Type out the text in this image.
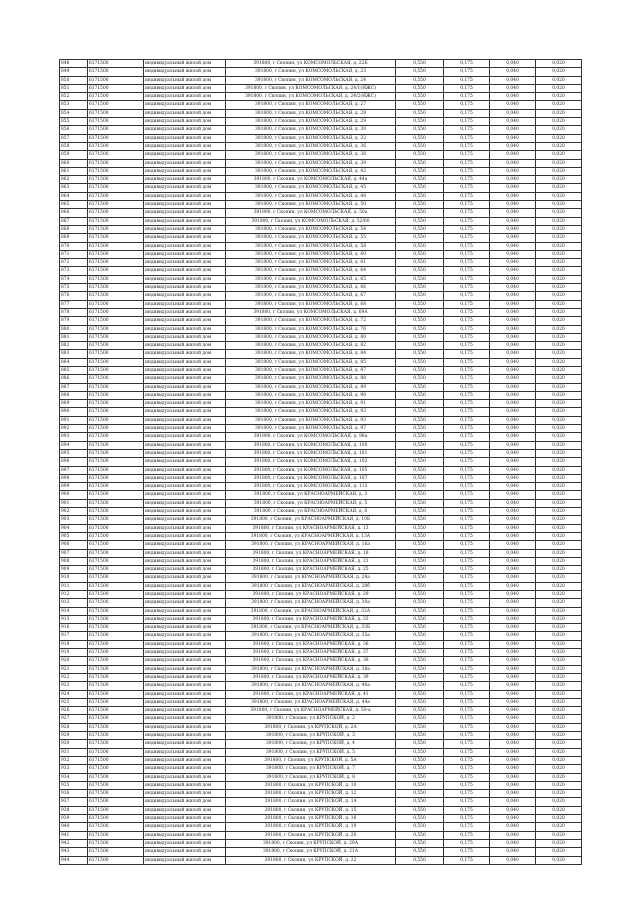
848	6171500	индивидуальный жилой дом	391800, г Скопин, ул КОМСОМОЛЬСКАЯ, д. 22Б	0,550	0,175	0,040	0,020
849	6171500	индивидуальный жилой дом	391800, г Скопин, ул КОМСОМОЛЬСКАЯ, д. 23	0,550	0,175	0,040	0,020
850	6171500	индивидуальный жилой дом	391800, г Скопин, ул КОМСОМОЛЬСКАЯ, д. 24	0,550	0,175	0,040	0,020
851	6171500	индивидуальный жилой дом	391800, г Скопин, ул КОМСОМОЛЬСКАЯ, д. 24/1(ИЖС)	0,550	0,175	0,040	0,020
852	6171500	индивидуальный жилой дом	391800, г Скопин, ул КОМСОМОЛЬСКАЯ, д. 24/2(ИЖС)	0,550	0,175	0,040	0,020
853	6171500	индивидуальный жилой дом	391800, г Скопин, ул КОМСОМОЛЬСКАЯ, д. 27	0,550	0,175	0,040	0,020
854	6171500	индивидуальный жилой дом	391800, г Скопин, ул КОМСОМОЛЬСКАЯ, д. 28	0,550	0,175	0,040	0,020
855	6171500	индивидуальный жилой дом	391800, г Скопин, ул КОМСОМОЛЬСКАЯ, д. 29	0,550	0,175	0,040	0,020
856	6171500	индивидуальный жилой дом	391800, г Скопин, ул КОМСОМОЛЬСКАЯ, д. 30	0,550	0,175	0,040	0,020
857	6171500	индивидуальный жилой дом	391800, г Скопин, ул КОМСОМОЛЬСКАЯ, д. 32	0,550	0,175	0,040	0,020
858	6171500	индивидуальный жилой дом	391800, г Скопин, ул КОМСОМОЛЬСКАЯ, д. 36	0,550	0,175	0,040	0,020
859	6171500	индивидуальный жилой дом	391800, г Скопин, ул КОМСОМОЛЬСКАЯ, д. 38	0,550	0,175	0,040	0,020
860	6171500	индивидуальный жилой дом	391800, г Скопин, ул КОМСОМОЛЬСКАЯ, д. 39	0,550	0,175	0,040	0,020
861	6171500	индивидуальный жилой дом	391800, г Скопин, ул КОМСОМОЛЬСКАЯ, д. 42	0,550	0,175	0,040	0,020
862	6171500	индивидуальный жилой дом	391800, г Скопин, ул КОМСОМОЛЬСКАЯ, д. 44а	0,550	0,175	0,040	0,020
863	6171500	индивидуальный жилой дом	391800, г Скопин, ул КОМСОМОЛЬСКАЯ, д. 45	0,550	0,175	0,040	0,020
864	6171500	индивидуальный жилой дом	391800, г Скопин, ул КОМСОМОЛЬСКАЯ, д. 48	0,550	0,175	0,040	0,020
865	6171500	индивидуальный жилой дом	391800, г Скопин, ул КОМСОМОЛЬСКАЯ, д. 50	0,550	0,175	0,040	0,020
866	6171500	индивидуальный жилой дом	391800, г Скопин, ул КОМСОМОЛЬСКАЯ, д. 50а	0,550	0,175	0,040	0,020
867	6171500	индивидуальный жилой дом	391800, г Скопин, ул КОМСОМОЛЬСКАЯ, д. 52/60	0,550	0,175	0,040	0,020
868	6171500	индивидуальный жилой дом	391800, г Скопин, ул КОМСОМОЛЬСКАЯ, д. 54	0,550	0,175	0,040	0,020
869	6171500	индивидуальный жилой дом	391800, г Скопин, ул КОМСОМОЛЬСКАЯ, д. 55	0,550	0,175	0,040	0,020
870	6171500	индивидуальный жилой дом	391800, г Скопин, ул КОМСОМОЛЬСКАЯ, д. 58	0,550	0,175	0,040	0,020
871	6171500	индивидуальный жилой дом	391800, г Скопин, ул КОМСОМОЛЬСКАЯ, д. 60	0,550	0,175	0,040	0,020
872	6171500	индивидуальный жилой дом	391800, г Скопин, ул КОМСОМОЛЬСКАЯ, д. 61	0,550	0,175	0,040	0,020
873	6171500	индивидуальный жилой дом	391800, г Скопин, ул КОМСОМОЛЬСКАЯ, д. 64	0,550	0,175	0,040	0,020
874	6171500	индивидуальный жилой дом	391800, г Скопин, ул КОМСОМОЛЬСКАЯ, д. 65	0,550	0,175	0,040	0,020
875	6171500	индивидуальный жилой дом	391800, г Скопин, ул КОМСОМОЛЬСКАЯ, д. 66	0,550	0,175	0,040	0,020
876	6171500	индивидуальный жилой дом	391800, г Скопин, ул КОМСОМОЛЬСКАЯ, д. 67	0,550	0,175	0,040	0,020
877	6171500	индивидуальный жилой дом	391800, г Скопин, ул КОМСОМОЛЬСКАЯ, д. 68	0,550	0,175	0,040	0,020
878	6171500	индивидуальный жилой дом	391800, г Скопин, ул КОМСОМОЛЬСКАЯ, д. 69А	0,550	0,175	0,040	0,020
879	6171500	индивидуальный жилой дом	391800, г Скопин, ул КОМСОМОЛЬСКАЯ, д. 72	0,550	0,175	0,040	0,020
880	6171500	индивидуальный жилой дом	391800, г Скопин, ул КОМСОМОЛЬСКАЯ, д. 76	0,550	0,175	0,040	0,020
881	6171500	индивидуальный жилой дом	391800, г Скопин, ул КОМСОМОЛЬСКАЯ, д. 80	0,550	0,175	0,040	0,020
882	6171500	индивидуальный жилой дом	391800, г Скопин, ул КОМСОМОЛЬСКАЯ, д. 82	0,550	0,175	0,040	0,020
883	6171500	индивидуальный жилой дом	391800, г Скопин, ул КОМСОМОЛЬСКАЯ, д. 84	0,550	0,175	0,040	0,020
884	6171500	индивидуальный жилой дом	391800, г Скопин, ул КОМСОМОЛЬСКАЯ, д. 85	0,550	0,175	0,040	0,020
885	6171500	индивидуальный жилой дом	391800, г Скопин, ул КОМСОМОЛЬСКАЯ, д. 87	0,550	0,175	0,040	0,020
886	6171500	индивидуальный жилой дом	391800, г Скопин, ул КОМСОМОЛЬСКАЯ, д. 88	0,550	0,175	0,040	0,020
887	6171500	индивидуальный жилой дом	391800, г Скопин, ул КОМСОМОЛЬСКАЯ, д. 89	0,550	0,175	0,040	0,020
888	6171500	индивидуальный жилой дом	391800, г Скопин, ул КОМСОМОЛЬСКАЯ, д. 90	0,550	0,175	0,040	0,020
889	6171500	индивидуальный жилой дом	391800, г Скопин, ул КОМСОМОЛЬСКАЯ, д. 91	0,550	0,175	0,040	0,020
890	6171500	индивидуальный жилой дом	391800, г Скопин, ул КОМСОМОЛЬСКАЯ, д. 92	0,550	0,175	0,040	0,020
891	6171500	индивидуальный жилой дом	391800, г Скопин, ул КОМСОМОЛЬСКАЯ, д. 93	0,550	0,175	0,040	0,020
892	6171500	индивидуальный жилой дом	391800, г Скопин, ул КОМСОМОЛЬСКАЯ, д. 97	0,550	0,175	0,040	0,020
893	6171500	индивидуальный жилой дом	391800, г Скопин, ул КОМСОМОЛЬСКАЯ, д. 98а	0,550	0,175	0,040	0,020
894	6171500	индивидуальный жилой дом	391800, г Скопин, ул КОМСОМОЛЬСКАЯ, д. 100	0,550	0,175	0,040	0,020
895	6171500	индивидуальный жилой дом	391800, г Скопин, ул КОМСОМОЛЬСКАЯ, д. 101	0,550	0,175	0,040	0,020
896	6171500	индивидуальный жилой дом	391800, г Скопин, ул КОМСОМОЛЬСКАЯ, д. 102	0,550	0,175	0,040	0,020
897	6171500	индивидуальный жилой дом	391800, г Скопин, ул КОМСОМОЛЬСКАЯ, д. 105	0,550	0,175	0,040	0,020
898	6171500	индивидуальный жилой дом	391800, г Скопин, ул КОМСОМОЛЬСКАЯ, д. 107	0,550	0,175	0,040	0,020
899	6171500	индивидуальный жилой дом	391800, г Скопин, ул КОМСОМОЛЬСКАЯ, д. 115	0,550	0,175	0,040	0,020
900	6171500	индивидуальный жилой дом	391800, г Скопин, ул КРАСНОАРМЕЙСКАЯ, д. 3	0,550	0,175	0,040	0,020
901	6171500	индивидуальный жилой дом	391800, г Скопин, ул КРАСНОАРМЕЙСКАЯ, д. 5	0,550	0,175	0,040	0,020
902	6171500	индивидуальный жилой дом	391800, г Скопин, ул КРАСНОАРМЕЙСКАЯ, д. 6	0,550	0,175	0,040	0,020
903	6171500	индивидуальный жилой дом	391800, г Скопин, ул КРАСНОАРМЕЙСКАЯ, д. 10Б	0,550	0,175	0,040	0,020
904	6171500	индивидуальный жилой дом	391800, г Скопин, ул КРАСНОАРМЕЙСКАЯ, д. 13	0,550	0,175	0,040	0,020
905	6171500	индивидуальный жилой дом	391800, г Скопин, ул КРАСНОАРМЕЙСКАЯ, д. 13А	0,550	0,175	0,040	0,020
906	6171500	индивидуальный жилой дом	391800, г Скопин, ул КРАСНОАРМЕЙСКАЯ, д. 16а	0,550	0,175	0,040	0,020
907	6171500	индивидуальный жилой дом	391800, г Скопин, ул КРАСНОАРМЕЙСКАЯ, д. 18	0,550	0,175	0,040	0,020
908	6171500	индивидуальный жилой дом	391800, г Скопин, ул КРАСНОАРМЕЙСКАЯ, д. 21	0,550	0,175	0,040	0,020
909	6171500	индивидуальный жилой дом	391800, г Скопин, ул КРАСНОАРМЕЙСКАЯ, д. 25	0,550	0,175	0,040	0,020
910	6171500	индивидуальный жилой дом	391800, г Скопин, ул КРАСНОАРМЕЙСКАЯ, д. 28а	0,550	0,175	0,040	0,020
911	6171500	индивидуальный жилой дом	391800, г Скопин, ул КРАСНОАРМЕЙСКАЯ, д. 28б	0,550	0,175	0,040	0,020
912	6171500	индивидуальный жилой дом	391800, г Скопин, ул КРАСНОАРМЕЙСКАЯ, д. 29	0,550	0,175	0,040	0,020
913	6171500	индивидуальный жилой дом	391800, г Скопин, ул КРАСНОАРМЕЙСКАЯ, д. 30а	0,550	0,175	0,040	0,020
914	6171500	индивидуальный жилой дом	391800, г Скопин, ул КРАСНОАРМЕЙСКАЯ, д. 32А	0,550	0,175	0,040	0,020
915	6171500	индивидуальный жилой дом	391800, г Скопин, ул КРАСНОАРМЕЙСКАЯ, д. 33	0,550	0,175	0,040	0,020
916	6171500	индивидуальный жилой дом	391800, г Скопин, ул КРАСНОАРМЕЙСКАЯ, д. 33Б	0,550	0,175	0,040	0,020
917	6171500	индивидуальный жилой дом	391800, г Скопин, ул КРАСНОАРМЕЙСКАЯ, д. 35а	0,550	0,175	0,040	0,020
918	6171500	индивидуальный жилой дом	391800, г Скопин, ул КРАСНОАРМЕЙСКАЯ, д. 36	0,550	0,175	0,040	0,020
919	6171500	индивидуальный жилой дом	391800, г Скопин, ул КРАСНОАРМЕЙСКАЯ, д. 37	0,550	0,175	0,040	0,020
920	6171500	индивидуальный жилой дом	391800, г Скопин, ул КРАСНОАРМЕЙСКАЯ, д. 38	0,550	0,175	0,040	0,020
921	6171500	индивидуальный жилой дом	391800, г Скопин, ул КРАСНОАРМЕЙСКАЯ, д. 38а	0,550	0,175	0,040	0,020
922	6171500	индивидуальный жилой дом	391800, г Скопин, ул КРАСНОАРМЕЙСКАЯ, д. 39	0,550	0,175	0,040	0,020
923	6171500	индивидуальный жилой дом	391800, г Скопин, ул КРАСНОАРМЕЙСКАЯ, д. 40а	0,550	0,175	0,040	0,020
924	6171500	индивидуальный жилой дом	391800, г Скопин, ул КРАСНОАРМЕЙСКАЯ, д. 41	0,550	0,175	0,040	0,020
925	6171500	индивидуальный жилой дом	391800, г Скопин, ул КРАСНОАРМЕЙСКАЯ, д. 44а	0,550	0,175	0,040	0,020
926	6171500	индивидуальный жилой дом	391800, г Скопин, ул КРАСНОАРМЕЙСКАЯ, д. 50-а	0,550	0,175	0,040	0,020
927	6171500	индивидуальный жилой дом	391800, г Скопин, ул КРУПСКОЙ, д. 2	0,550	0,175	0,040	0,020
928	6171500	индивидуальный жилой дом	391800, г Скопин, ул КРУПСКОЙ, д. 2А	0,550	0,175	0,040	0,020
929	6171500	индивидуальный жилой дом	391800, г Скопин, ул КРУПСКОЙ, д. 3	0,550	0,175	0,040	0,020
930	6171500	индивидуальный жилой дом	391800, г Скопин, ул КРУПСКОЙ, д. 4	0,550	0,175	0,040	0,020
931	6171500	индивидуальный жилой дом	391800, г Скопин, ул КРУПСКОЙ, д. 5	0,550	0,175	0,040	0,020
932	6171500	индивидуальный жилой дом	391800, г Скопин, ул КРУПСКОЙ, д. 5А	0,550	0,175	0,040	0,020
933	6171500	индивидуальный жилой дом	391800, г Скопин, ул КРУПСКОЙ, д. 7	0,550	0,175	0,040	0,020
934	6171500	индивидуальный жилой дом	391800, г Скопин, ул КРУПСКОЙ, д. 8	0,550	0,175	0,040	0,020
935	6171500	индивидуальный жилой дом	391800, г Скопин, ул КРУПСКОЙ, д. 10	0,550	0,175	0,040	0,020
936	6171500	индивидуальный жилой дом	391800, г Скопин, ул КРУПСКОЙ, д. 12	0,550	0,175	0,040	0,020
937	6171500	индивидуальный жилой дом	391800, г Скопин, ул КРУПСКОЙ, д. 14	0,550	0,175	0,040	0,020
938	6171500	индивидуальный жилой дом	391800, г Скопин, ул КРУПСКОЙ, д. 15	0,550	0,175	0,040	0,020
939	6171500	индивидуальный жилой дом	391800, г Скопин, ул КРУПСКОЙ, д. 16	0,550	0,175	0,040	0,020
940	6171500	индивидуальный жилой дом	391800, г Скопин, ул КРУПСКОЙ, д. 19	0,550	0,175	0,040	0,020
941	6171500	индивидуальный жилой дом	391800, г Скопин, ул КРУПСКОЙ, д. 20	0,550	0,175	0,040	0,020
942	6171500	индивидуальный жилой дом	391800, г Скопин, ул КРУПСКОЙ, д. 20А	0,550	0,175	0,040	0,020
943	6171500	индивидуальный жилой дом	391800, г Скопин, ул КРУПСКОЙ, д. 21А	0,550	0,175	0,040	0,020
944	6171500	индивидуальный жилой дом	391800, г Скопин, ул КРУПСКОЙ, д. 22	0,550	0,175	0,040	0,020
